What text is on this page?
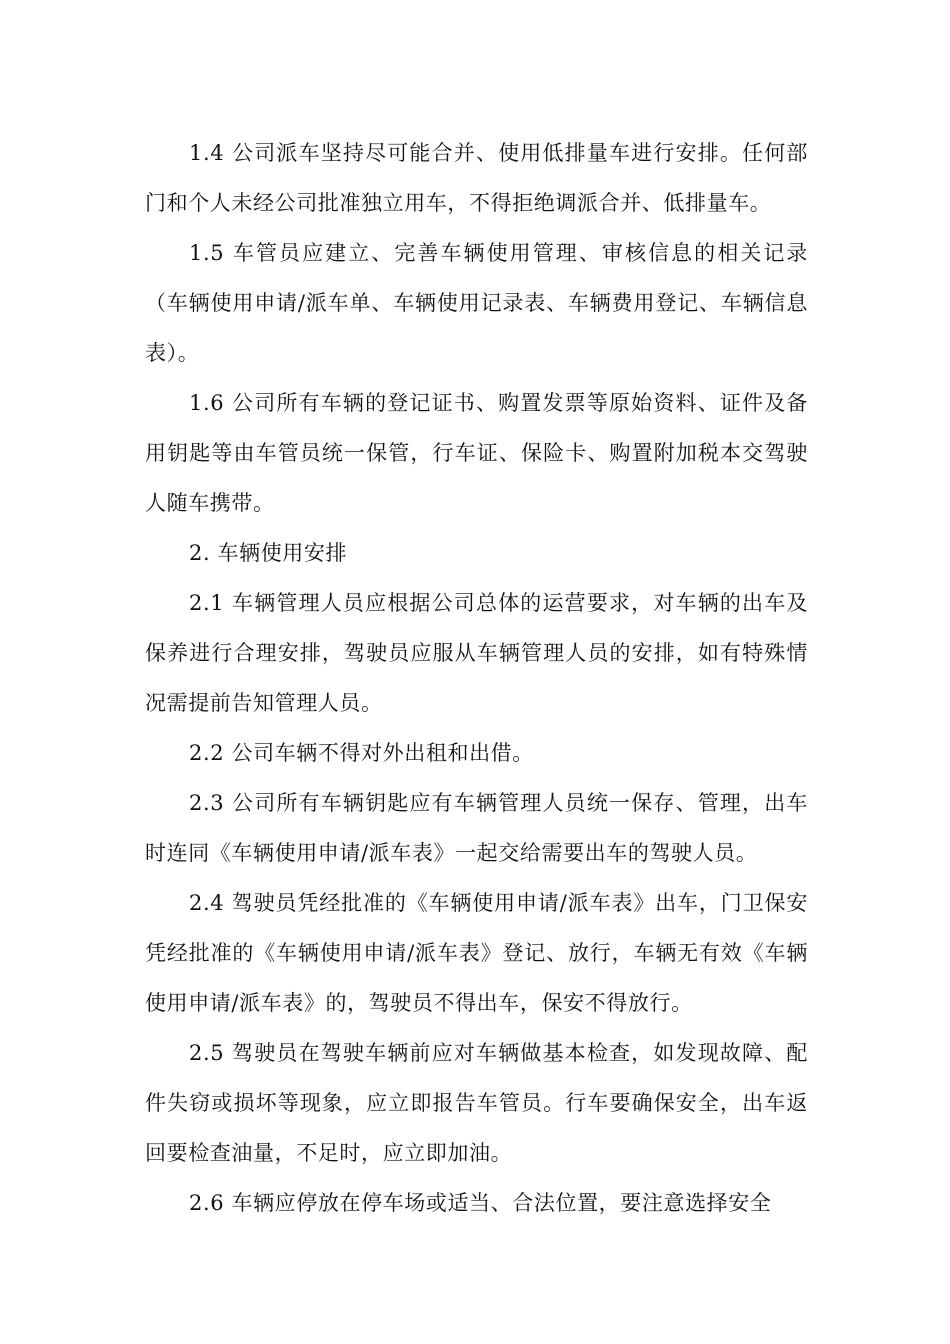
1.4 公司派车坚持尽可能合并、使用低排量车进行安排。任何部门和个人未经公司批准独立用车，不得拒绝调派合并、低排量车。

1.5 车管员应建立、完善车辆使用管理、审核信息的相关记录（车辆使用申请/派车单、车辆使用记录表、车辆费用登记、车辆信息表）。

1.6 公司所有车辆的登记证书、购置发票等原始资料、证件及备用钥匙等由车管员统一保管，行车证、保险卡、购置附加税本交驾驶人随车携带。

2. 车辆使用安排

2.1 车辆管理人员应根据公司总体的运营要求，对车辆的出车及保养进行合理安排，驾驶员应服从车辆管理人员的安排，如有特殊情况需提前告知管理人员。

2.2 公司车辆不得对外出租和出借。

2.3 公司所有车辆钥匙应有车辆管理人员统一保存、管理，出车时连同《车辆使用申请/派车表》一起交给需要出车的驾驶人员。

2.4 驾驶员凭经批准的《车辆使用申请/派车表》出车，门卫保安凭经批准的《车辆使用申请/派车表》登记、放行，车辆无有效《车辆使用申请/派车表》的，驾驶员不得出车，保安不得放行。

2.5 驾驶员在驾驶车辆前应对车辆做基本检查，如发现故障、配件失窃或损坏等现象，应立即报告车管员。行车要确保安全，出车返回要检查油量，不足时，应立即加油。

2.6 车辆应停放在停车场或适当、合法位置，要注意选择安全
